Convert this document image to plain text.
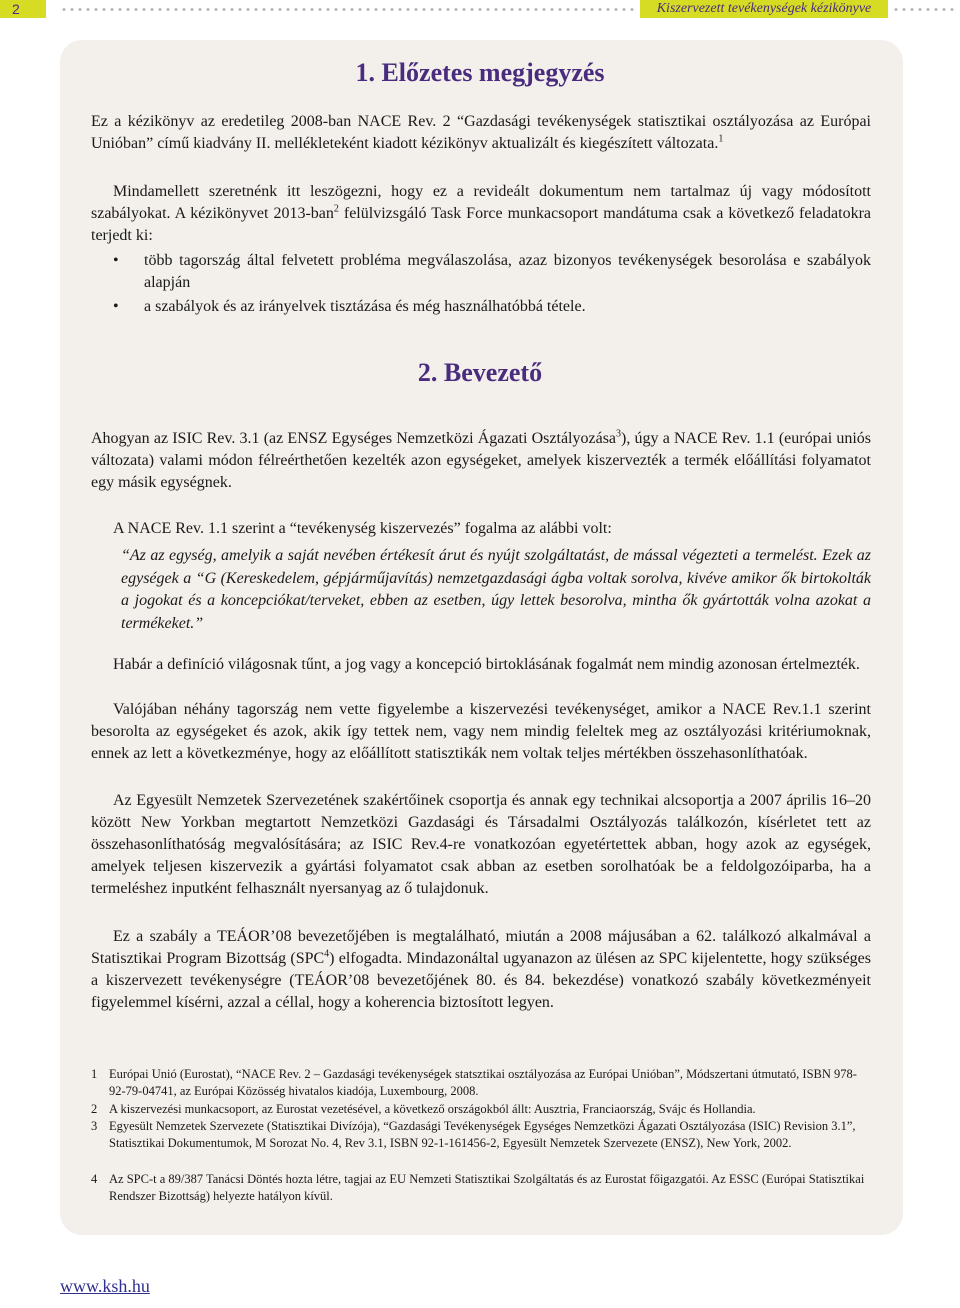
2	Kiszervezett tevékenységek kézikönyve
1. Előzetes megjegyzés
Ez a kézikönyv az eredetileg 2008-ban NACE Rev. 2 “Gazdasági tevékenységek statisztikai osztályozása az Európai Unióban” című kiadvány II. mellékleteként kiadott kézikönyv aktualizált és kiegészített változata.$^1$
Mindamellett szeretnénk itt leszögezni, hogy ez a revideált dokumentum nem tartalmaz új vagy módosított szabályokat. A kézikönyvet 2013-ban$^2$ felülvizsgáló Task Force munkacsoport mandátuma csak a következő feladatokra terjedt ki:
• több tagország által felvetett probléma megválaszolása, azaz bizonyos tevékenységek besorolása e szabályok alapján
• a szabályok és az irányelvek tisztázása és még használhatóbbá tétele.
2. Bevezető
Ahogyan az ISIC Rev. 3.1 (az ENSZ Egységes Nemzetközi Ágazati Osztályozása$^3$), úgy a NACE Rev. 1.1 (európai uniós változata) valami módon félreérthetően kezelték azon egységeket, amelyek kiszervezték a termék előállítási folyamatot egy másik egységnek.
A NACE Rev. 1.1 szerint a “tevékenység kiszervezés” fogalma az alábbi volt:
“Az az egység, amelyik a saját nevében értékesít árut és nyújt szolgáltatást, de mással végezteti a termelést. Ezek az egységek a “G (Kereskedelem, gépjárműjavítás) nemzetgazdasági ágba voltak sorolva, kivéve amikor ők birtokolták a jogokat és a koncepciókat/terveket, ebben az esetben, úgy lettek besorolva, mintha ők gyártották volna azokat a termékeket.”
Habár a definíció világosnak tűnt, a jog vagy a koncepció birtoklásának fogalmát nem mindig azonosan értelmezték.
Valójában néhány tagország nem vette figyelembe a kiszervezési tevékenységet, amikor a NACE Rev.1.1 szerint besorolta az egységeket és azok, akik így tettek nem, vagy nem mindig feleltek meg az osztályozási kritériumoknak, ennek az lett a következménye, hogy az előállított statisztikák nem voltak teljes mértékben összehasonlíthatóak.
Az Egyesült Nemzetek Szervezetének szakértőinek csoportja és annak egy technikai alcsoportja a 2007 április 16–20 között New Yorkban megtartott Nemzetközi Gazdasági és Társadalmi Osztályozás találkozón, kísérletet tett az összehasonlíthatóság megvalósítására; az ISIC Rev.4-re vonatkozóan egyetértettek abban, hogy azok az egységek, amelyek teljesen kiszervezik a gyártási folyamatot csak abban az esetben sorolhatóak be a feldolgozóiparba, ha a termeléshez inputként felhasznált nyersanyag az ő tulajdonuk.
Ez a szabály a TEÁOR’08 bevezetőjében is megtalálható, miután a 2008 májusában a 62. találkozó alkalmával a Statisztikai Program Bizottság (SPC$^4$) elfogadta. Mindazonáltal ugyanazon az ülésen az SPC kijelentette, hogy szükséges a kiszervezett tevékenységre (TEÁOR’08 bevezetőjének 80. és 84. bekezdése) vonatkozó szabály következményeit figyelemmel kísérni, azzal a céllal, hogy a koherencia biztosított legyen.
1 Európai Unió (Eurostat), “NACE Rev. 2 – Gazdasági tevékenységek statsztikai osztályozása az Európai Unióban”, Módszertani útmutató, ISBN 978-92-79-04741, az Európai Közösség hivatalos kiadója, Luxembourg, 2008.
2 A kiszervezési munkacsoport, az Eurostat vezetésével, a következő országokból állt: Ausztria, Franciaország, Svájc és Hollandia.
3 Egyesült Nemzetek Szervezete (Statisztikai Divízója), “Gazdasági Tevékenységek Egységes Nemzetközi Ágazati Osztályozása (ISIC) Revision 3.1”, Statisztikai Dokumentumok, M Sorozat No. 4, Rev 3.1, ISBN 92-1-161456-2, Egyesült Nemzetek Szervezete (ENSZ), New York, 2002.
4 Az SPC-t a 89/387 Tanácsi Döntés hozta létre, tagjai az EU Nemzeti Statisztikai Szolgáltatás és az Eurostat főigazgatói. Az ESSC (Európai Statisztikai Rendszer Bizottság) helyezte hatályon kívül.
www.ksh.hu
